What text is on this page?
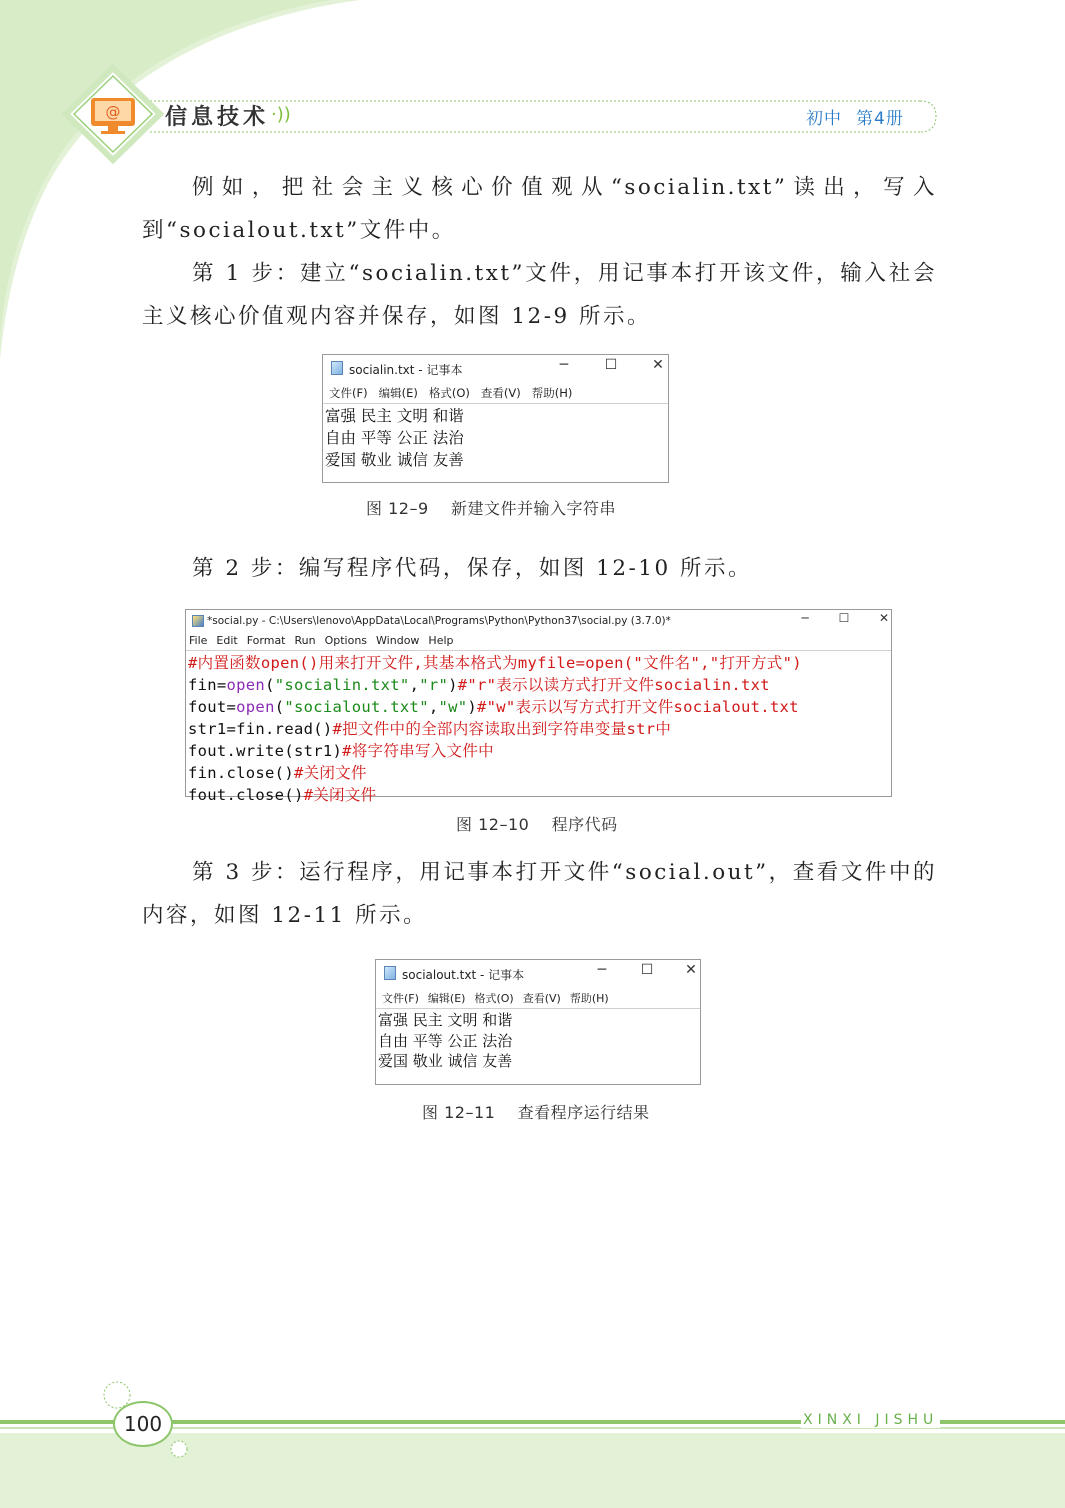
@ 信息技术 ·))	初中 第4册

例如，把社会主义核心价值观从“socialin.txt”读出，写入到“socialout.txt”文件中。

第 1 步：建立“socialin.txt”文件，用记事本打开该文件，输入社会主义核心价值观内容并保存，如图 12-9 所示。

socialin.txt - 记事本	─	☐ ✕
文件(F) 编辑(E) 格式(O) 查看(V) 帮助(H)
富强 民主 文明 和谐
自由 平等 公正 法治
爱国 敬业 诚信 友善
图 12–9    新建文件并输入字符串

第 2 步：编写程序代码，保存，如图 12-10 所示。

*social.py - C:\Users\lenovo\AppData\Local\Programs\Python\Python37\social.py (3.7.0)*	─	☐	✕
File Edit Format Run Options Window Help
#内置函数open()用来打开文件,其基本格式为myfile=open("文件名","打开方式")
fin=open("socialin.txt","r")#"r"表示以读方式打开文件socialin.txt
fout=open("socialout.txt","w")#"w"表示以写方式打开文件socialout.txt
str1=fin.read()#把文件中的全部内容读取出到字符串变量str中
fout.write(str1)#将字符串写入文件中
fin.close()#关闭文件
fout.close()#关闭文件
图 12–10    程序代码

第 3 步：运行程序，用记事本打开文件“social.out”，查看文件中的内容，如图 12-11 所示。

socialout.txt - 记事本	─	☐ ✕
文件(F) 编辑(E) 格式(O) 查看(V) 帮助(H)
富强 民主 文明 和谐
自由 平等 公正 法治
爱国 敬业 诚信 友善
图 12–11    查看程序运行结果
100	XINXI JISHU
